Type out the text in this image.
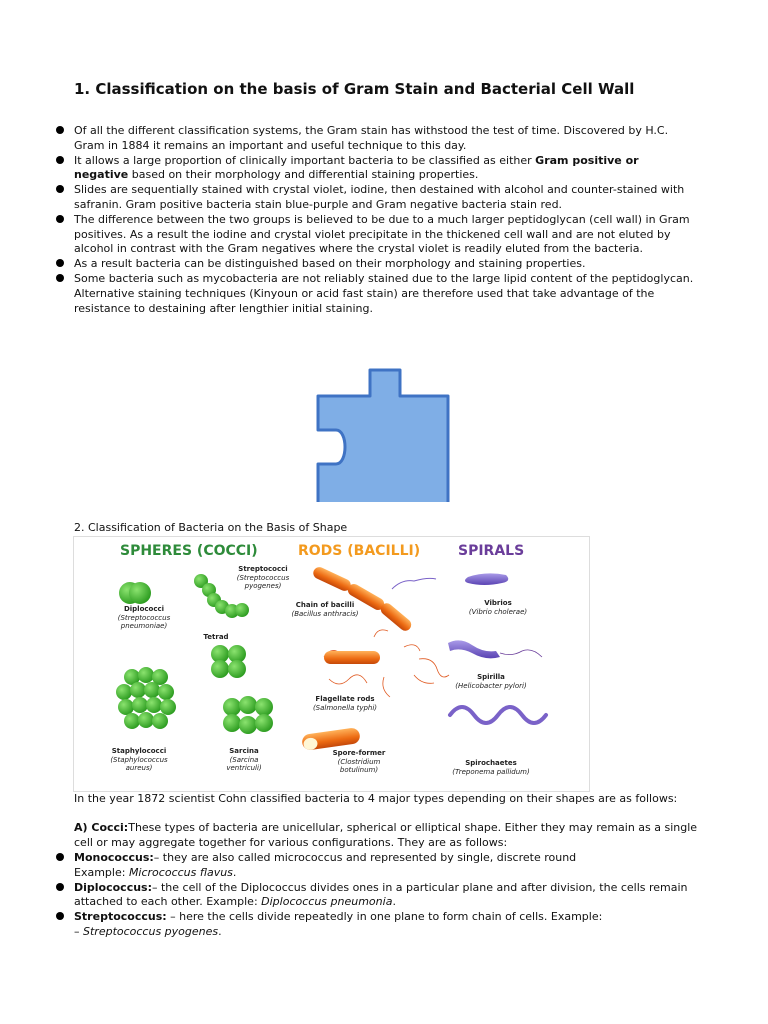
1. Classification on the basis of Gram Stain and Bacterial Cell Wall
Of all the different classification systems, the Gram stain has withstood the test of time. Discovered by H.C. Gram in 1884 it remains an important and useful technique to this day.
It allows a large proportion of clinically important bacteria to be classified as either Gram positive or negative based on their morphology and differential staining properties.
Slides are sequentially stained with crystal violet, iodine, then destained with alcohol and counter-stained with safranin. Gram positive bacteria stain blue-purple and Gram negative bacteria stain red.
The difference between the two groups is believed to be due to a much larger peptidoglycan (cell wall) in Gram positives. As a result the iodine and crystal violet precipitate in the thickened cell wall and are not eluted by alcohol in contrast with the Gram negatives where the crystal violet is readily eluted from the bacteria.
As a result bacteria can be distinguished based on their morphology and staining properties.
Some bacteria such as mycobacteria are not reliably stained due to the large lipid content of the peptidoglycan. Alternative staining techniques (Kinyoun or acid fast stain) are therefore used that take advantage of the resistance to destaining after lengthier initial staining.
2. Classification of Bacteria on the Basis of Shape
SPHERES (COCCI)	RODS (BACILLI)	SPIRALS
Streptococci
(Streptococcus pyogenes)
Diplococci
(Streptococcus pneumoniae)
Tetrad
Staphylococci
(Staphylococcus aureus)
Sarcina
(Sarcina ventriculi)
Chain of bacilli
(Bacillus anthracis)
Flagellate rods
(Salmonella typhi)
Spore-former
(Clostridium botulinum)
Vibrios
(Vibrio cholerae)
Spirilla
(Helicobacter pylori)
Spirochaetes
(Treponema pallidum)

In the year 1872 scientist Cohn classified bacteria to 4 major types depending on their shapes are as follows:

A) Cocci:These types of bacteria are unicellular, spherical or elliptical shape. Either they may remain as a single cell or may aggregate together for various configurations. They are as follows:

Monococcus:– they are also called micrococcus and represented by single, discrete round
Example: Micrococcus flavus.
Diplococcus:– the cell of the Diplococcus divides ones in a particular plane and after division, the cells remain attached to each other. Example: Diplococcus pneumonia.
Streptococcus: – here the cells divide repeatedly in one plane to form chain of cells. Example:
– Streptococcus pyogenes.
